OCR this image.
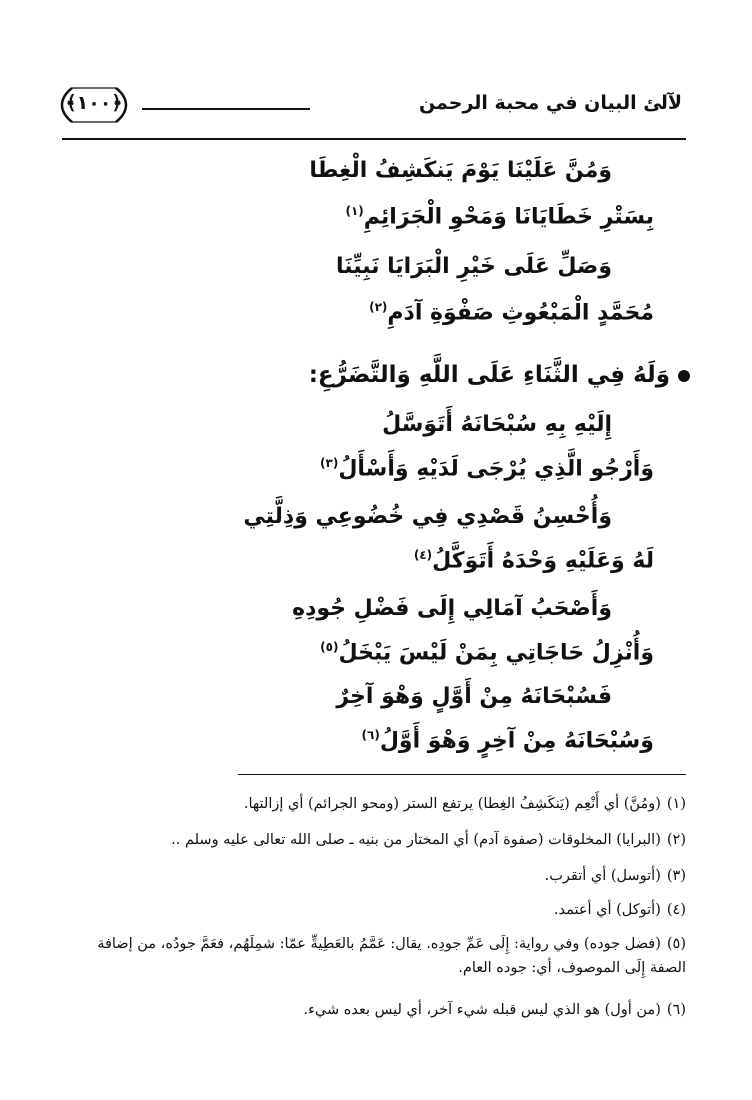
﴿١٠٠﴾	لآلئ البيان في محبة الرحمن
وَمُنَّ عَلَيْنَا يَوْمَ يَنكَشِفُ الْغِطَا
بِسَتْرِ خَطَايَانَا وَمَحْوِ الْجَرَائِمِ$^{(١)}$
وَصَلِّ عَلَى خَيْرِ الْبَرَايَا نَبِيِّنَا
مُحَمَّدٍ الْمَبْعُوثِ صَفْوَةِ آدَمِ$^{(٢)}$
وَلَهُ فِي الثَّنَاءِ عَلَى اللَّهِ وَالتَّضَرُّعِ:
إِلَيْهِ بِهِ سُبْحَانَهُ أَتَوَسَّلُ
وَأَرْجُو الَّذِي يُرْجَى لَدَيْهِ وَأَسْأَلُ$^{(٣)}$
وَأُحْسِنُ قَصْدِي فِي خُضُوعِي وَذِلَّتِي
لَهُ وَعَلَيْهِ وَحْدَهُ أَتَوَكَّلُ$^{(٤)}$
وَأَصْحَبُ آمَالِي إِلَى فَضْلِ جُودِهِ
وَأُنْزِلُ حَاجَاتِي بِمَنْ لَيْسَ يَبْخَلُ$^{(٥)}$
فَسُبْحَانَهُ مِنْ أَوَّلٍ وَهْوَ آخِرٌ
وَسُبْحَانَهُ مِنْ آخِرٍ وَهْوَ أَوَّلُ$^{(٦)}$
(١)(ومُنَّ) أي أَنْعِم (يَنكَشِفُ الغِطا) يرتفع الستر (ومحو الجرائم) أي إزالتها.
(٢)(البرايا) المخلوقات (صفوة آدم) أي المختار من بنيه ـ صلى الله تعالى عليه وسلم ..
(٣)(أتوسل) أي أتقرب.
(٤)(أتوكل) أي أعتمد.
(٥)(فضل جوده) وفي رواية: إِلَى عَمِّ جودِه. يقال: عَمَّمُ بالعَطِيةِّ عمّا: شمِلَهُم، فعَمَّ جودُه، من إضافة الصفة إِلَى الموصوف، أي: جوده العام.
(٦)(من أول) هو الذي ليس قبله شيء آخر، أي ليس بعده شيء.
